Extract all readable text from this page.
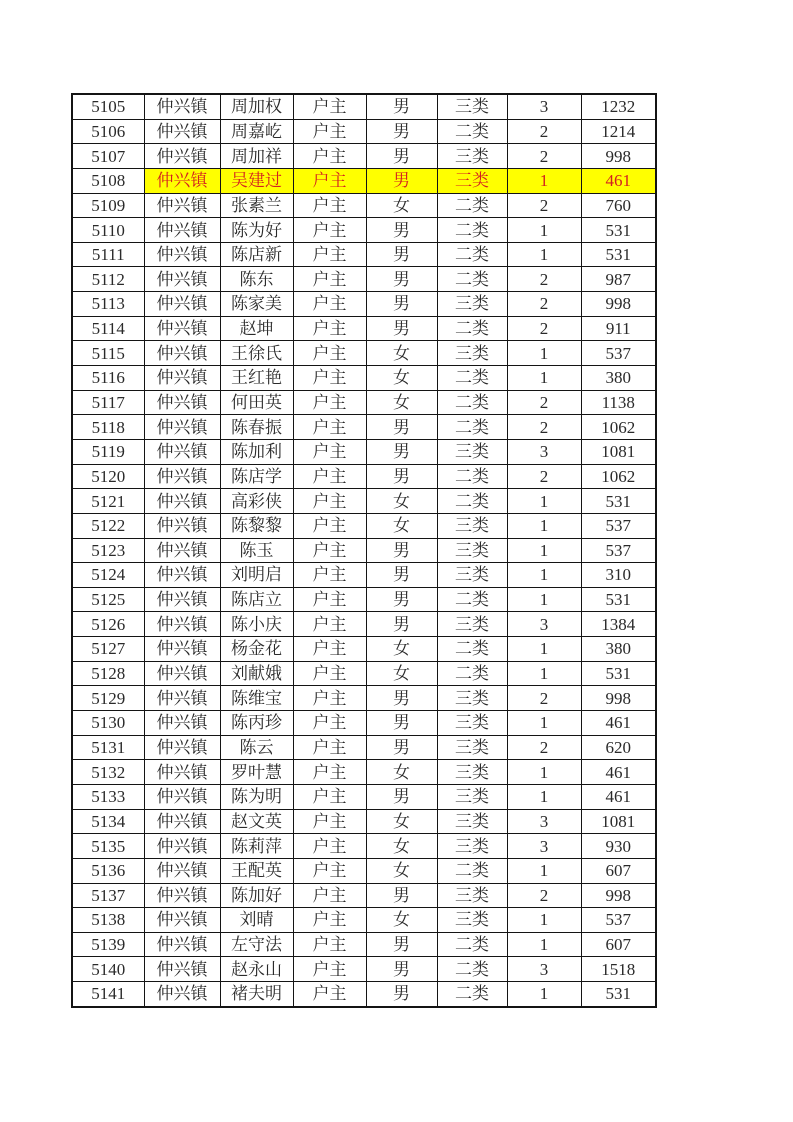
5105	仲兴镇	周加权	户主	男	三类	3	1232
5106	仲兴镇	周嘉屹	户主	男	二类	2	1214
5107	仲兴镇	周加祥	户主	男	三类	2	998
5108	仲兴镇	吴建过	户主	男	三类	1	461
5109	仲兴镇	张素兰	户主	女	二类	2	760
5110	仲兴镇	陈为好	户主	男	二类	1	531
5111	仲兴镇	陈店新	户主	男	二类	1	531
5112	仲兴镇	陈东	户主	男	二类	2	987
5113	仲兴镇	陈家美	户主	男	三类	2	998
5114	仲兴镇	赵坤	户主	男	二类	2	911
5115	仲兴镇	王徐氏	户主	女	三类	1	537
5116	仲兴镇	王红艳	户主	女	二类	1	380
5117	仲兴镇	何田英	户主	女	二类	2	1138
5118	仲兴镇	陈春振	户主	男	二类	2	1062
5119	仲兴镇	陈加利	户主	男	三类	3	1081
5120	仲兴镇	陈店学	户主	男	二类	2	1062
5121	仲兴镇	高彩侠	户主	女	二类	1	531
5122	仲兴镇	陈黎黎	户主	女	三类	1	537
5123	仲兴镇	陈玉	户主	男	三类	1	537
5124	仲兴镇	刘明启	户主	男	三类	1	310
5125	仲兴镇	陈店立	户主	男	二类	1	531
5126	仲兴镇	陈小庆	户主	男	三类	3	1384
5127	仲兴镇	杨金花	户主	女	二类	1	380
5128	仲兴镇	刘献娥	户主	女	二类	1	531
5129	仲兴镇	陈维宝	户主	男	三类	2	998
5130	仲兴镇	陈丙珍	户主	男	三类	1	461
5131	仲兴镇	陈云	户主	男	三类	2	620
5132	仲兴镇	罗叶慧	户主	女	三类	1	461
5133	仲兴镇	陈为明	户主	男	三类	1	461
5134	仲兴镇	赵文英	户主	女	三类	3	1081
5135	仲兴镇	陈莉萍	户主	女	三类	3	930
5136	仲兴镇	王配英	户主	女	二类	1	607
5137	仲兴镇	陈加好	户主	男	三类	2	998
5138	仲兴镇	刘晴	户主	女	三类	1	537
5139	仲兴镇	左守法	户主	男	二类	1	607
5140	仲兴镇	赵永山	户主	男	二类	3	1518
5141	仲兴镇	褚夫明	户主	男	二类	1	531
